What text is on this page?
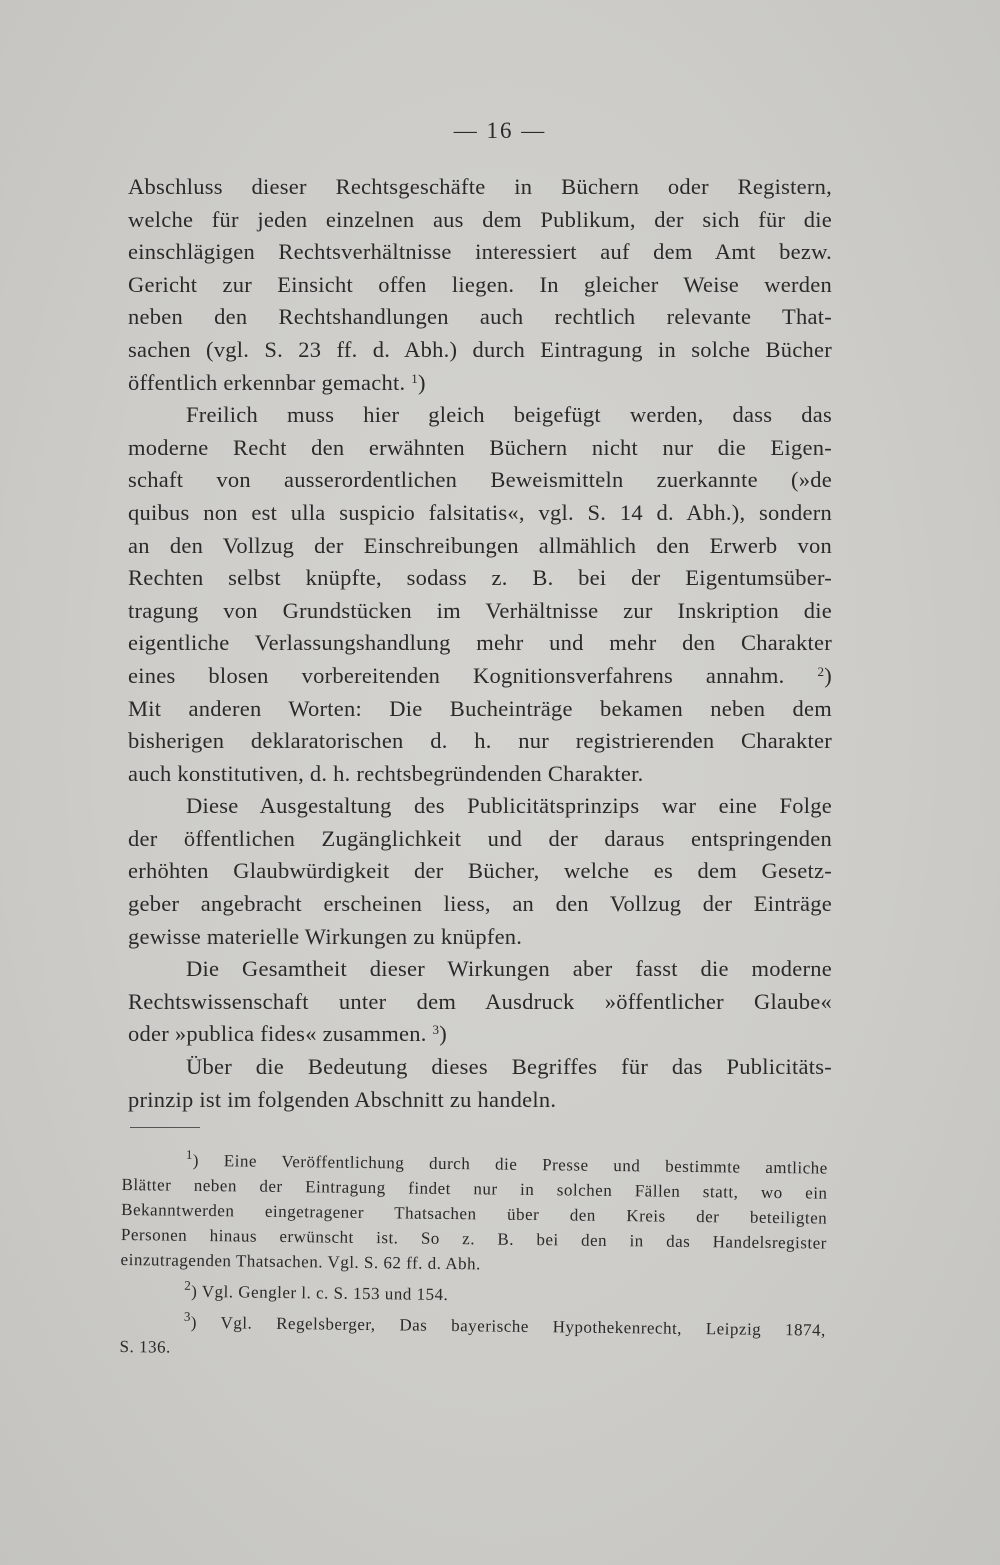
— 16 —
Abschluss dieser Rechtsgeschäfte in Büchern oder Registern,
welche für jeden einzelnen aus dem Publikum, der sich für die
einschlägigen Rechtsverhältnisse interessiert auf dem Amt bezw.
Gericht zur Einsicht offen liegen. In gleicher Weise werden
neben den Rechtshandlungen auch rechtlich relevante That-
sachen (vgl. S. 23 ff. d. Abh.) durch Eintragung in solche Bücher
öffentlich erkennbar gemacht. $^1$)
Freilich muss hier gleich beigefügt werden, dass das
moderne Recht den erwähnten Büchern nicht nur die Eigen-
schaft von ausserordentlichen Beweismitteln zuerkannte (»de
quibus non est ulla suspicio falsitatis«, vgl. S. 14 d. Abh.), sondern
an den Vollzug der Einschreibungen allmählich den Erwerb von
Rechten selbst knüpfte, sodass z. B. bei der Eigentumsüber-
tragung von Grundstücken im Verhältnisse zur Inskription die
eigentliche Verlassungshandlung mehr und mehr den Charakter
eines blosen vorbereitenden Kognitionsverfahrens annahm.	$^2$)
Mit anderen Worten: Die Bucheinträge bekamen neben dem
bisherigen deklaratorischen d. h. nur registrierenden Charakter
auch konstitutiven, d. h. rechtsbegründenden Charakter.
Diese Ausgestaltung des Publicitätsprinzips war eine Folge
der öffentlichen Zugänglichkeit und der daraus entspringenden
erhöhten Glaubwürdigkeit der Bücher, welche es dem Gesetz-
geber angebracht erscheinen liess, an den Vollzug der Einträge
gewisse materielle Wirkungen zu knüpfen.
Die Gesamtheit dieser Wirkungen aber fasst die moderne
Rechtswissenschaft unter dem Ausdruck »öffentlicher Glaube«
oder »publica fides« zusammen. $^3$)
Über die Bedeutung dieses Begriffes für das Publicitäts-
prinzip ist im folgenden Abschnitt zu handeln.
$^1$) Eine Veröffentlichung durch die Presse und bestimmte amtliche
Blätter neben der Eintragung findet nur in solchen Fällen statt, wo ein
Bekanntwerden eingetragener Thatsachen über den Kreis der beteiligten
Personen hinaus erwünscht ist. So z. B. bei den in das Handelsregister
einzutragenden Thatsachen. Vgl. S. 62 ff. d. Abh.
$^2$) Vgl. Gengler l. c. S. 153 und 154.
$^3$) Vgl. Regelsberger, Das bayerische Hypothekenrecht, Leipzig 1874,
S. 136.
